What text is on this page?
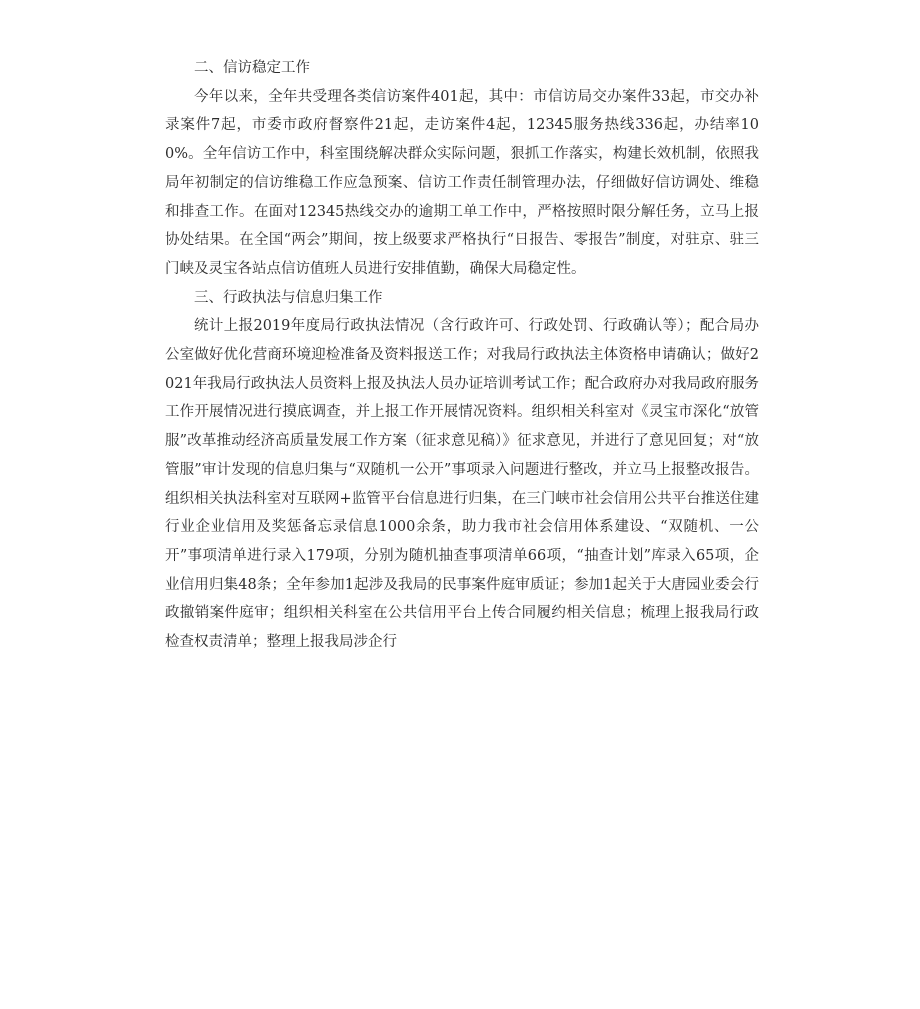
二、信访稳定工作

今年以来，全年共受理各类信访案件401起，其中：市信访局交办案件33起，市交办补录案件7起，市委市政府督察件21起，走访案件4起，12345服务热线336起，办结率100%。全年信访工作中，科室围绕解决群众实际问题，狠抓工作落实，构建长效机制，依照我局年初制定的信访维稳工作应急预案、信访工作责任制管理办法，仔细做好信访调处、维稳和排查工作。在面对12345热线交办的逾期工单工作中，严格按照时限分解任务，立马上报协处结果。在全国“两会”期间，按上级要求严格执行“日报告、零报告”制度，对驻京、驻三门峡及灵宝各站点信访值班人员进行安排值勤，确保大局稳定性。

三、行政执法与信息归集工作

统计上报2019年度局行政执法情况（含行政许可、行政处罚、行政确认等）；配合局办公室做好优化营商环境迎检准备及资料报送工作；对我局行政执法主体资格申请确认；做好2021年我局行政执法人员资料上报及执法人员办证培训考试工作；配合政府办对我局政府服务工作开展情况进行摸底调查，并上报工作开展情况资料。组织相关科室对《灵宝市深化“放管服”改革推动经济高质量发展工作方案（征求意见稿）》征求意见，并进行了意见回复；对“放管服”审计发现的信息归集与“双随机一公开”事项录入问题进行整改，并立马上报整改报告。组织相关执法科室对互联网+监管平台信息进行归集，在三门峡市社会信用公共平台推送住建行业企业信用及奖惩备忘录信息1000余条，助力我市社会信用体系建设、“双随机、一公开”事项清单进行录入179项，分别为随机抽查事项清单66项，“抽查计划”库录入65项，企业信用归集48条；全年参加1起涉及我局的民事案件庭审质证；参加1起关于大唐园业委会行政撤销案件庭审；组织相关科室在公共信用平台上传合同履约相关信息；梳理上报我局行政检查权责清单；整理上报我局涉企行
